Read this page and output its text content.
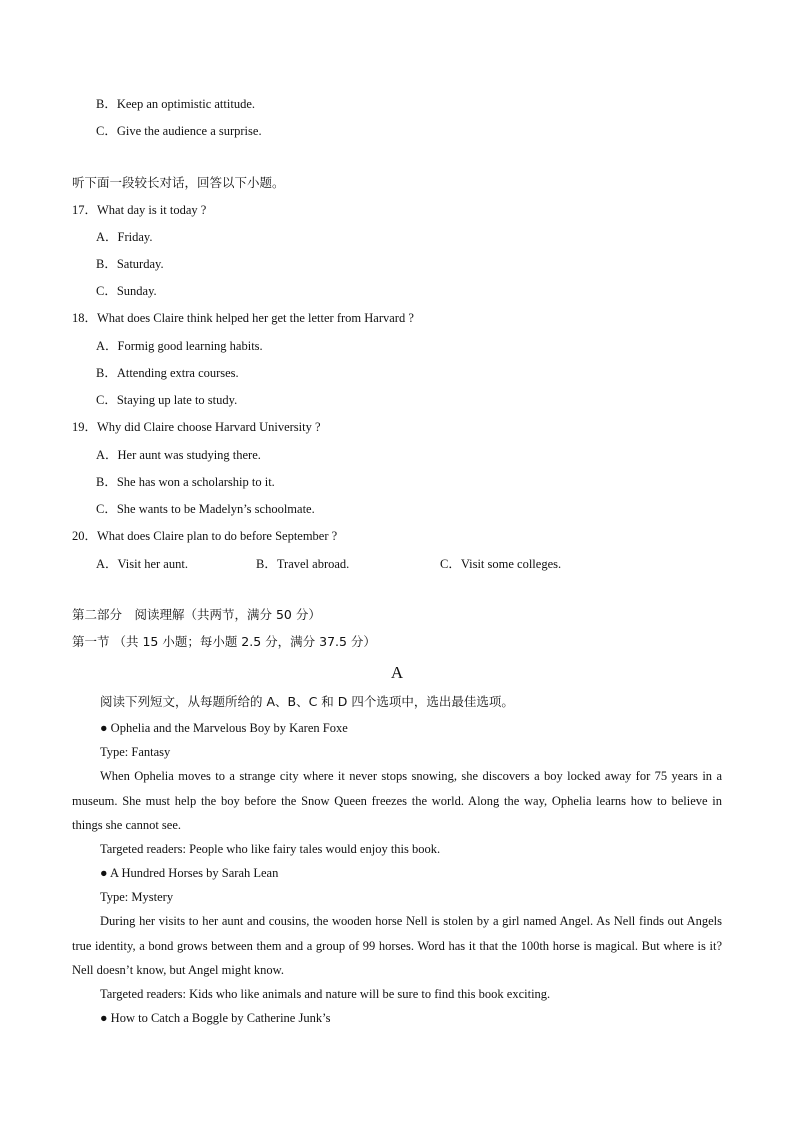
B．Keep an optimistic attitude.
C．Give the audience a surprise.
听下面一段较长对话，回答以下小题。
17．What day is it today ?
A．Friday.
B．Saturday.
C．Sunday.
18．What does Claire think helped her get the letter from Harvard ?
A．Formig good learning habits.
B．Attending extra courses.
C．Staying up late to study.
19．Why did Claire choose Harvard University ?
A．Her aunt was studying there.
B．She has won a scholarship to it.
C．She wants to be Madelyn’s schoolmate.
20．What does Claire plan to do before September ?
A．Visit her aunt.	B．Travel abroad.	C．Visit some colleges.
第二部分　阅读理解（共两节，满分 50 分）
第一节 （共 15 小题；每小题 2.5 分，满分 37.5 分）
A
阅读下列短文，从每题所给的 A、B、C 和 D 四个选项中，选出最佳选项。
● Ophelia and the Marvelous Boy by Karen Foxe
Type: Fantasy

When Ophelia moves to a strange city where it never stops snowing, she discovers a boy locked away for 75 years in a museum. She must help the boy before the Snow Queen freezes the world. Along the way, Ophelia learns how to believe in things she cannot see.

Targeted readers: People who like fairy tales would enjoy this book.
● A Hundred Horses by Sarah Lean
Type: Mystery

During her visits to her aunt and cousins, the wooden horse Nell is stolen by a girl named Angel. As Nell finds out Angels true identity, a bond grows between them and a group of 99 horses. Word has it that the 100th horse is magical. But where is it? Nell doesn’t know, but Angel might know.

Targeted readers: Kids who like animals and nature will be sure to find this book exciting.
● How to Catch a Boggle by Catherine Junk’s
